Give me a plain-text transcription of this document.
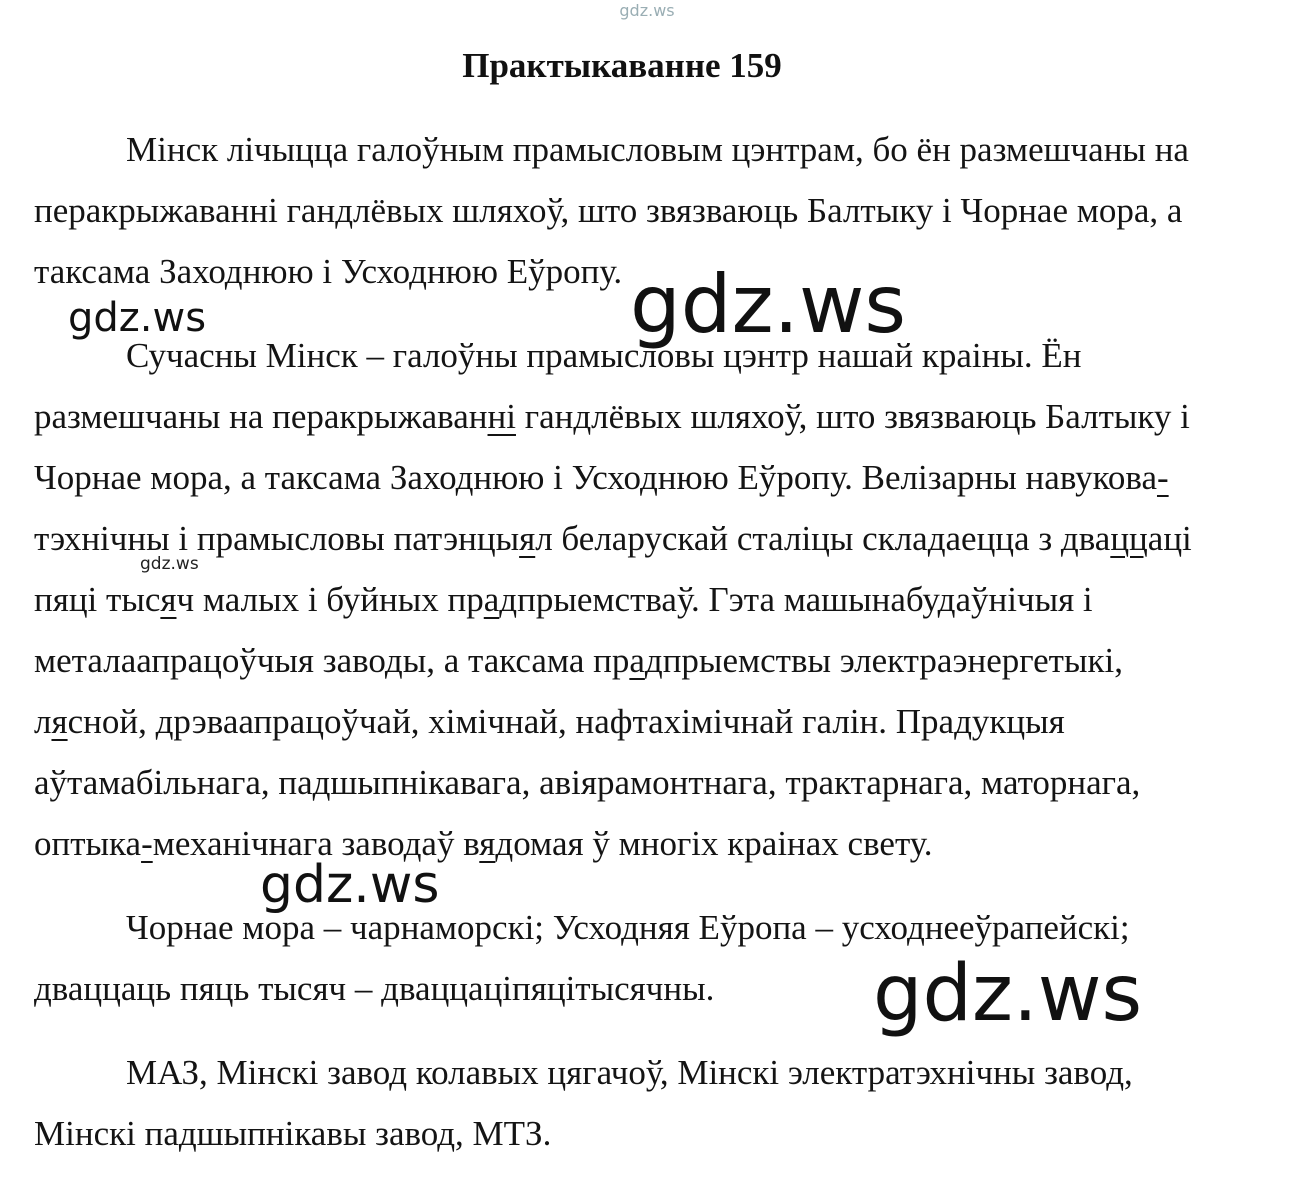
Практыкаванне 159
Мінск лічыцца галоўным прамысловым цэнтрам, бо ён размешчаны на
перакрыжаванні гандлёвых шляхоў, што звязваюць Балтыку і Чорнае мора, а
таксама Заходнюю і Усходнюю Еўропу.
Сучасны Мінск – галоўны прамысловы цэнтр нашай краіны. Ён
размешчаны на перакрыжаванні гандлёвых шляхоў, што звязваюць Балтыку і
Чорнае мора, а таксама Заходнюю і Усходнюю Еўропу. Велізарны навукова-
тэхнічны і прамысловы патэнцыял беларускай сталіцы складаецца з дваццаці
пяці тысяч малых і буйных прадпрыемстваў. Гэта машынабудаўнічыя і
металаапрацоўчыя заводы, а таксама прадпрыемствы электраэнергетыкі,
лясной, дрэваапрацоўчай, хімічнай, нафтахімічнай галін. Прадукцыя
аўтамабільнага, падшыпнікавага, авіярамонтнага, трактарнага, маторнага,
оптыка-механічнага заводаў вядомая ў многіх краінах свету.
Чорнае мора – чарнаморскі; Усходняя Еўропа – усходнееўрапейскі;
дваццаць пяць тысяч – дваццаціпяцітысячны.
МАЗ, Мінскі завод колавых цягачоў, Мінскі электратэхнічны завод,
Мінскі падшыпнікавы завод, МТЗ.
gdz.ws
gdz.ws
gdz.ws
gdz.ws
gdz.ws
gdz.ws
